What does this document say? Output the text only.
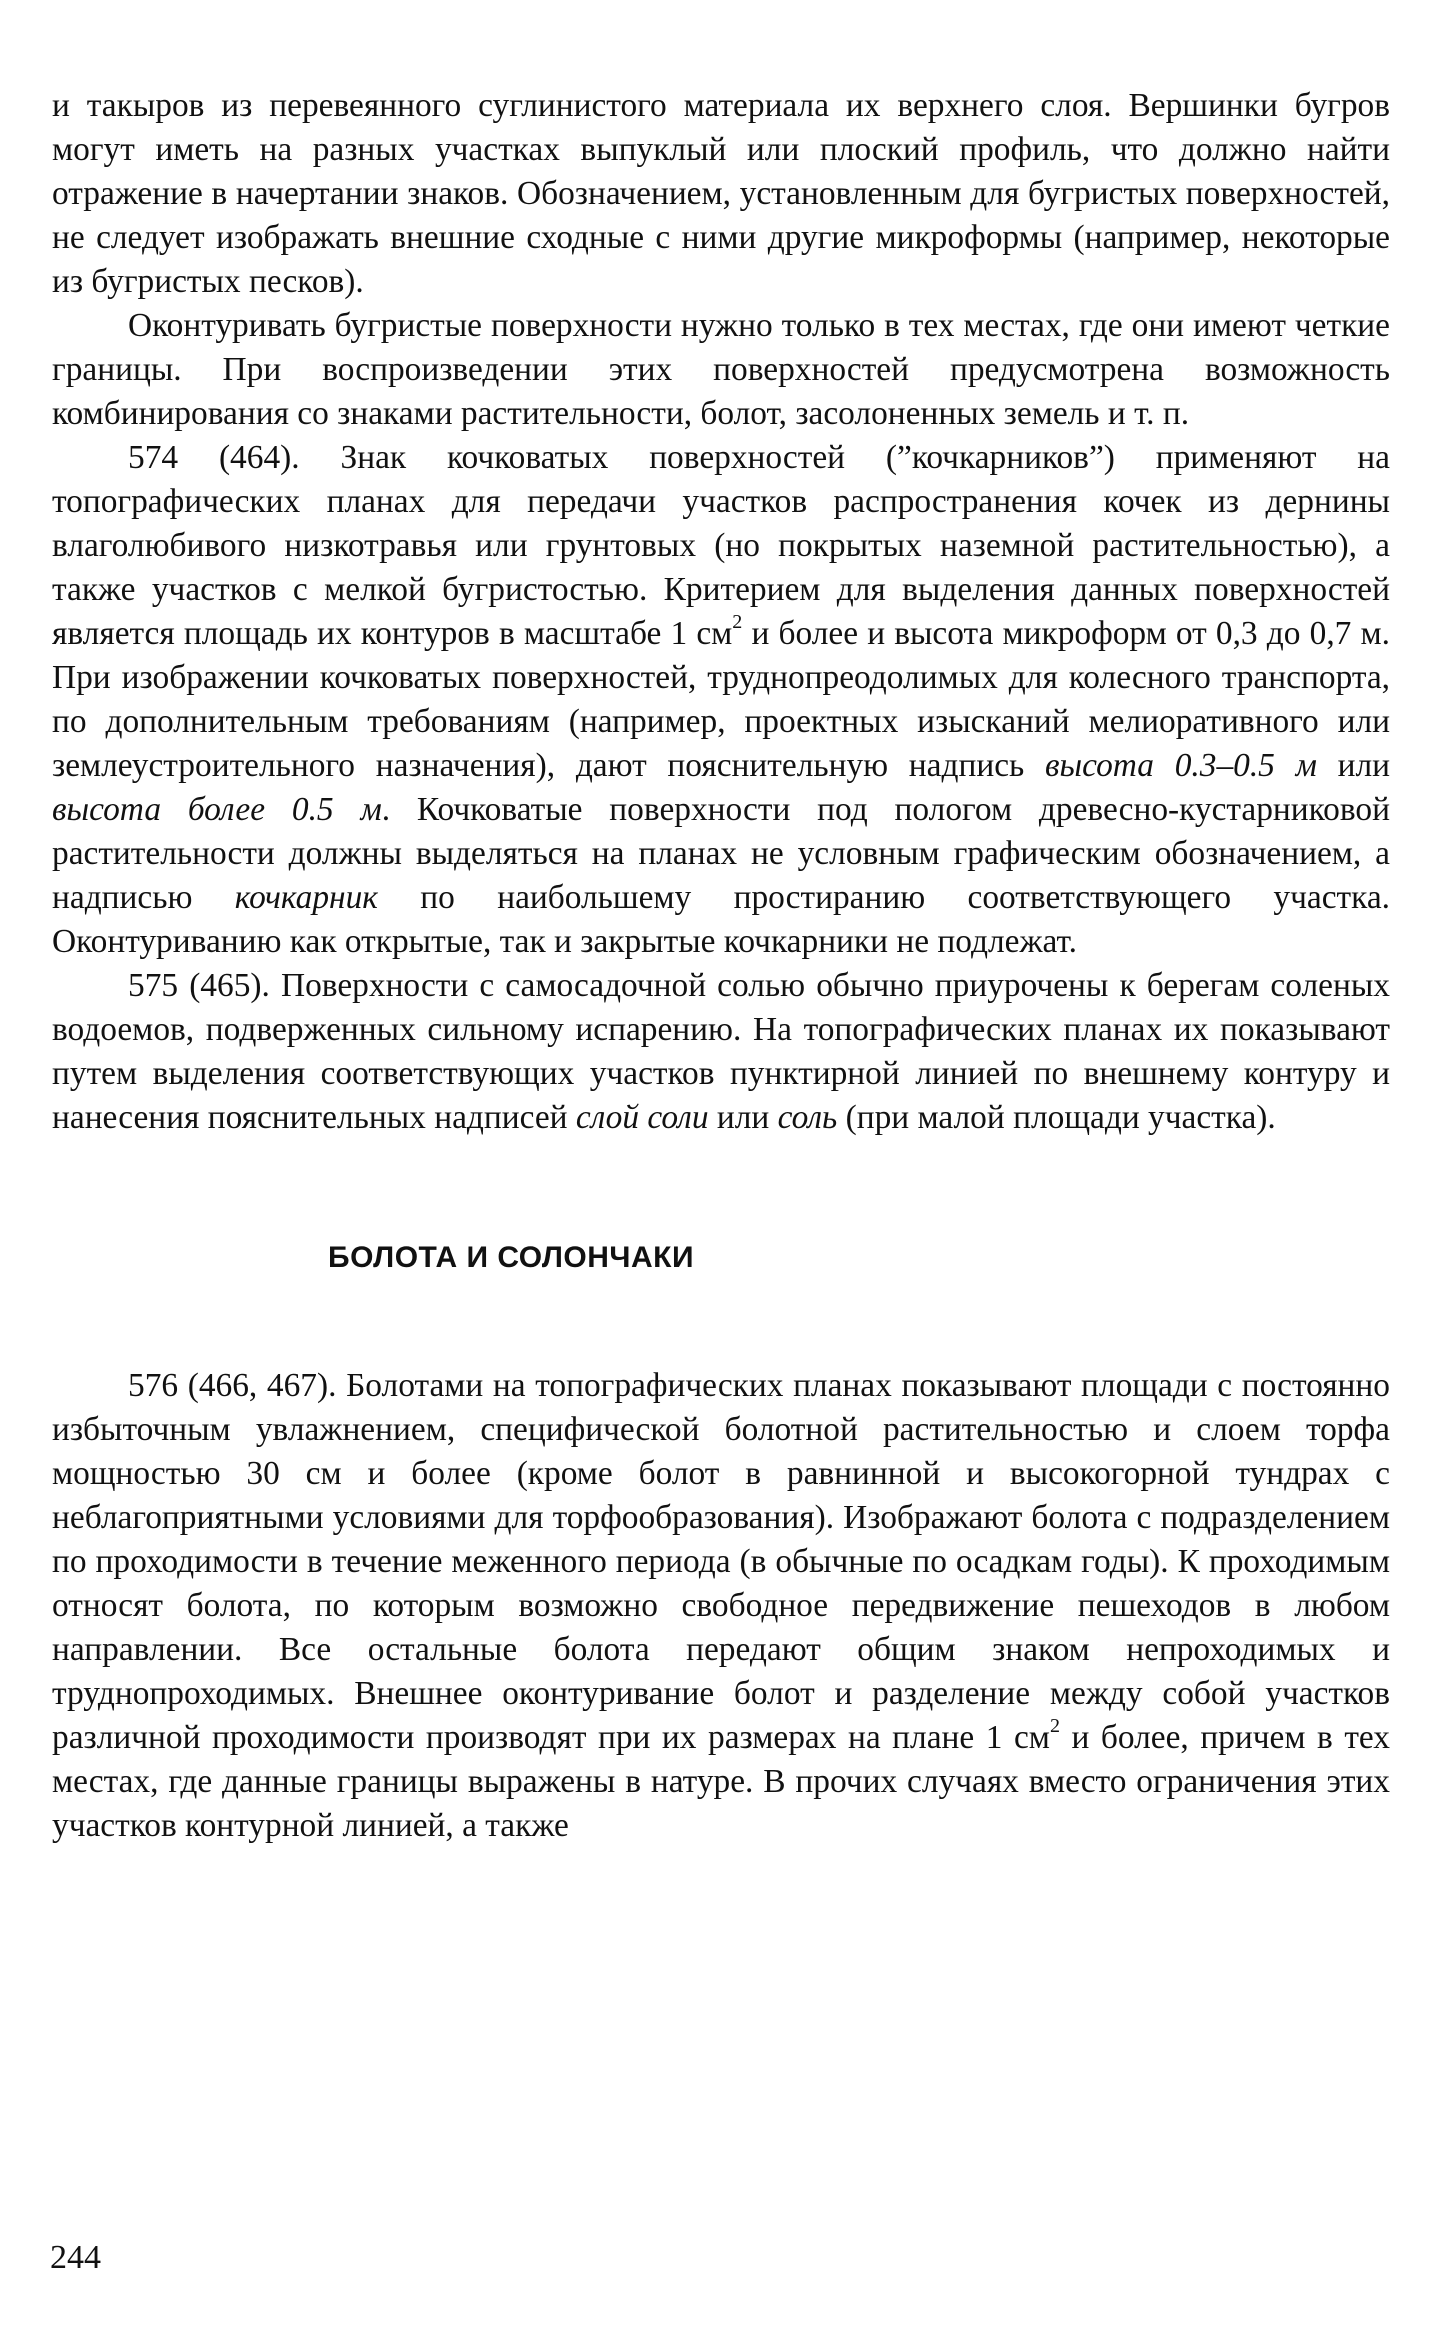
и такыров из перевеянного суглинистого материала их верхнего слоя. Вершинки бугров могут иметь на разных участках выпуклый или плоский профиль, что должно найти отражение в начертании знаков. Обозначением, установленным для бугристых поверхностей, не следует изображать внешние сходные с ними другие микроформы (например, некоторые из бугристых песков).

Оконтуривать бугристые поверхности нужно только в тех местах, где они имеют четкие границы. При воспроизведении этих поверхностей предусмотрена возможность комбинирования со знаками растительности, болот, засолоненных земель и т. п.

574 (464). Знак кочковатых поверхностей (”кочкарников”) применяют на топографических планах для передачи участков распространения кочек из дернины влаголюбивого низкотравья или грунтовых (но покрытых наземной растительностью), а также участков с мелкой бугристостью. Критерием для выделения данных поверхностей является площадь их контуров в масштабе 1 $см^2$ и более и высота микроформ от 0,3 до 0,7 м. При изображении кочковатых поверхностей, труднопреодолимых для колесного транспорта, по дополнительным требованиям (например, проектных изысканий мелиоративного или землеустроительного назначения), дают пояснительную надпись высота 0.3–0.5 м или высота более 0.5 м. Кочковатые поверхности под пологом древесно-кустарниковой растительности должны выделяться на планах не условным графическим обозначением, а надписью кочкарник по наибольшему простиранию соответствующего участка. Оконтуриванию как открытые, так и закрытые кочкарники не подлежат.

575 (465). Поверхности с самосадочной солью обычно приурочены к берегам соленых водоемов, подверженных сильному испарению. На топографических планах их показывают путем выделения соответствующих участков пунктирной линией по внешнему контуру и нанесения пояснительных надписей слой соли или соль (при малой площади участка).

БОЛОТА И СОЛОНЧАКИ

576 (466, 467). Болотами на топографических планах показывают площади с постоянно избыточным увлажнением, специфической болотной растительностью и слоем торфа мощностью 30 см и более (кроме болот в равнинной и высокогорной тундрах с неблагоприятными условиями для торфообразования). Изображают болота с подразделением по проходимости в течение меженного периода (в обычные по осадкам годы). К проходимым относят болота, по которым возможно свободное передвижение пешеходов в любом направлении. Все остальные болота передают общим знаком непроходимых и труднопроходимых. Внешнее оконтуривание болот и разделение между собой участков различной проходимости производят при их размерах на плане 1 $см^2$ и более, причем в тех местах, где данные границы выражены в натуре. В прочих случаях вместо ограничения этих участков контурной линией, а также

244
